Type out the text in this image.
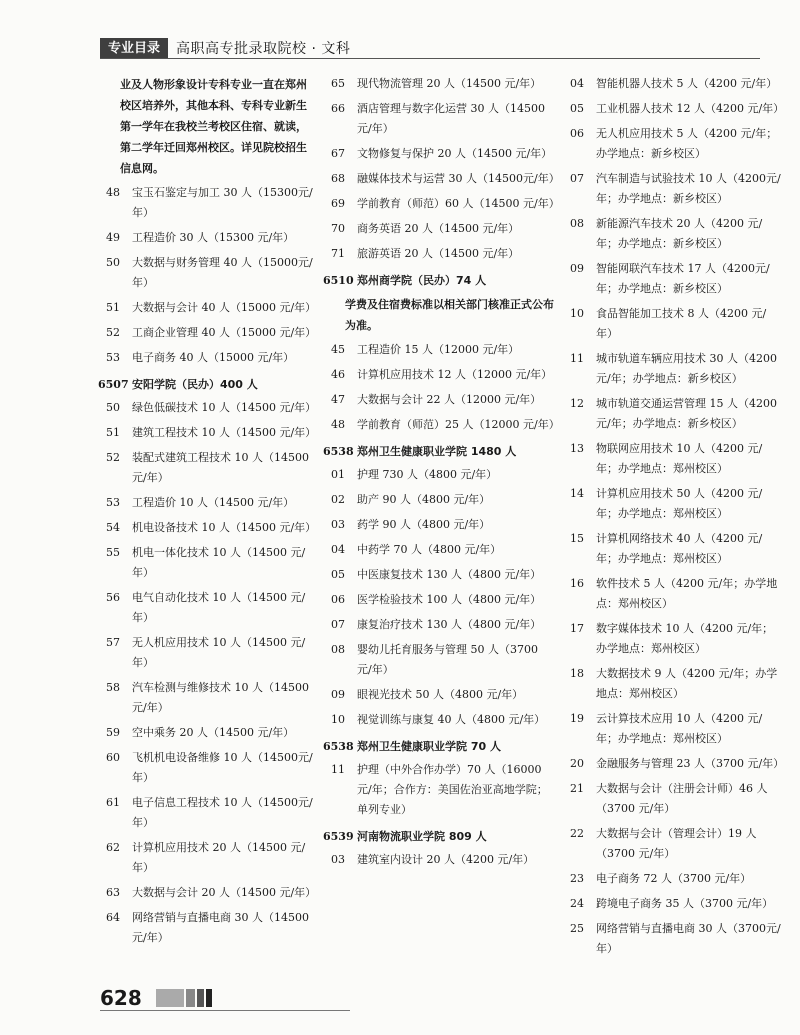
专业目录	高职高专批录取院校 · 文科
业及人物形象设计专科专业一直在郑州校区培养外，其他本科、专科专业新生第一学年在我校兰考校区住宿、就读，第二学年迁回郑州校区。详见院校招生信息网。
48	宝玉石鉴定与加工 30 人（15300元/年）
49	工程造价 30 人（15300 元/年）
50	大数据与财务管理 40 人（15000元/年）
51	大数据与会计 40 人（15000 元/年）
52	工商企业管理 40 人（15000 元/年）
53	电子商务 40 人（15000 元/年）
6507 安阳学院（民办）400 人
50	绿色低碳技术 10 人（14500 元/年）
51	建筑工程技术 10 人（14500 元/年）
52	装配式建筑工程技术 10 人（14500元/年）
53	工程造价 10 人（14500 元/年）
54	机电设备技术 10 人（14500 元/年）
55	机电一体化技术 10 人（14500 元/年）
56	电气自动化技术 10 人（14500 元/年）
57	无人机应用技术 10 人（14500 元/年）
58	汽车检测与维修技术 10 人（14500元/年）
59	空中乘务 20 人（14500 元/年）
60	飞机机电设备维修 10 人（14500元/年）
61	电子信息工程技术 10 人（14500元/年）
62	计算机应用技术 20 人（14500 元/年）
63	大数据与会计 20 人（14500 元/年）
64	网络营销与直播电商 30 人（14500元/年）
65	现代物流管理 20 人（14500 元/年）
66	酒店管理与数字化运营 30 人（14500 元/年）
67	文物修复与保护 20 人（14500 元/年）
68	融媒体技术与运营 30 人（14500元/年）
69	学前教育（师范）60 人（14500 元/年）
70	商务英语 20 人（14500 元/年）
71	旅游英语 20 人（14500 元/年）
6510 郑州商学院（民办）74 人
学费及住宿费标准以相关部门核准正式公布为准。
45	工程造价 15 人（12000 元/年）
46	计算机应用技术 12 人（12000 元/年）
47	大数据与会计 22 人（12000 元/年）
48	学前教育（师范）25 人（12000 元/年）
6538 郑州卫生健康职业学院 1480 人
01	护理 730 人（4800 元/年）
02	助产 90 人（4800 元/年）
03	药学 90 人（4800 元/年）
04	中药学 70 人（4800 元/年）
05	中医康复技术 130 人（4800 元/年）
06	医学检验技术 100 人（4800 元/年）
07	康复治疗技术 130 人（4800 元/年）
08	婴幼儿托育服务与管理 50 人（3700 元/年）
09	眼视光技术 50 人（4800 元/年）
10	视觉训练与康复 40 人（4800 元/年）
6538 郑州卫生健康职业学院 70 人
11	护理（中外合作办学）70 人（16000元/年；合作方：美国佐治亚高地学院；单列专业）
6539 河南物流职业学院 809 人
03	建筑室内设计 20 人（4200 元/年）
04	智能机器人技术 5 人（4200 元/年）
05	工业机器人技术 12 人（4200 元/年）
06	无人机应用技术 5 人（4200 元/年；办学地点：新乡校区）
07	汽车制造与试验技术 10 人（4200元/年；办学地点：新乡校区）
08	新能源汽车技术 20 人（4200 元/年；办学地点：新乡校区）
09	智能网联汽车技术 17 人（4200元/年；办学地点：新乡校区）
10	食品智能加工技术 8 人（4200 元/年）
11	城市轨道车辆应用技术 30 人（4200 元/年；办学地点：新乡校区）
12	城市轨道交通运营管理 15 人（4200 元/年；办学地点：新乡校区）
13	物联网应用技术 10 人（4200 元/年；办学地点：郑州校区）
14	计算机应用技术 50 人（4200 元/年；办学地点：郑州校区）
15	计算机网络技术 40 人（4200 元/年；办学地点：郑州校区）
16	软件技术 5 人（4200 元/年；办学地点：郑州校区）
17	数字媒体技术 10 人（4200 元/年；办学地点：郑州校区）
18	大数据技术 9 人（4200 元/年；办学地点：郑州校区）
19	云计算技术应用 10 人（4200 元/年；办学地点：郑州校区）
20	金融服务与管理 23 人（3700 元/年）
21	大数据与会计（注册会计师）46 人（3700 元/年）
22	大数据与会计（管理会计）19 人（3700 元/年）
23	电子商务 72 人（3700 元/年）
24	跨境电子商务 35 人（3700 元/年）
25	网络营销与直播电商 30 人（3700元/年）
628
